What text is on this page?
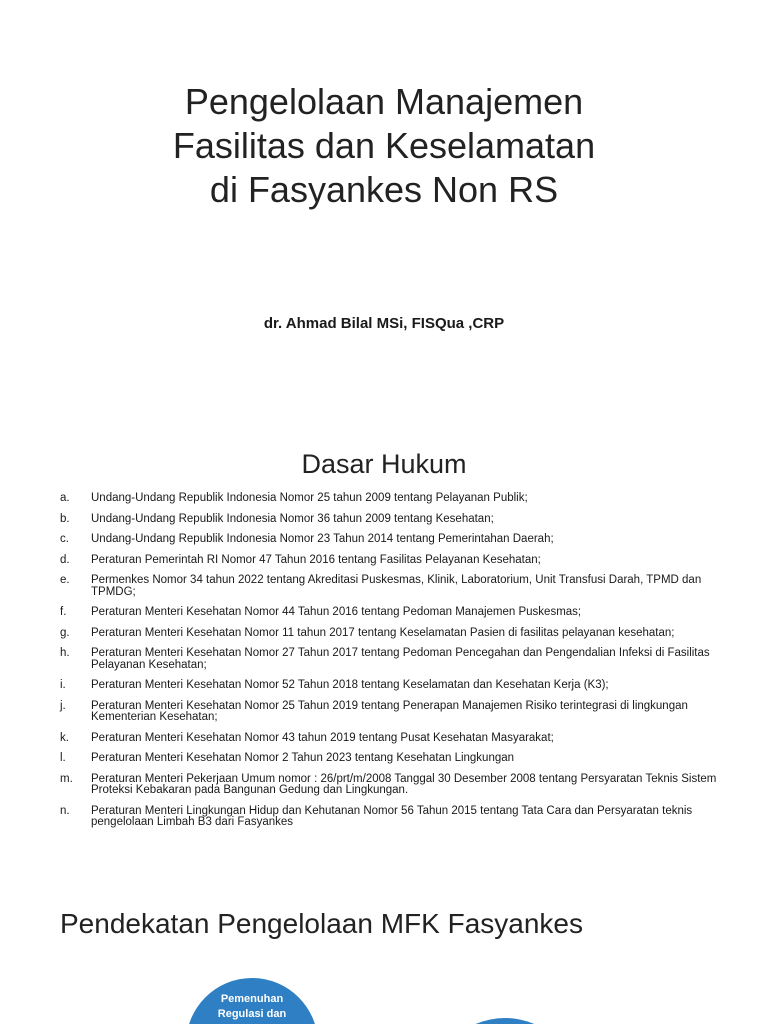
Pengelolaan Manajemen
Fasilitas dan Keselamatan
di Fasyankes Non RS
dr. Ahmad Bilal MSi, FISQua ,CRP
Dasar Hukum
a.	Undang-Undang Republik Indonesia Nomor 25 tahun 2009 tentang Pelayanan Publik;
b.	Undang-Undang Republik Indonesia Nomor 36 tahun 2009 tentang Kesehatan;
c.	Undang-Undang Republik Indonesia Nomor 23 Tahun 2014 tentang Pemerintahan Daerah;
d.	Peraturan Pemerintah RI Nomor 47 Tahun 2016 tentang Fasilitas Pelayanan Kesehatan;
e.	Permenkes Nomor 34 tahun 2022 tentang Akreditasi Puskesmas, Klinik, Laboratorium, Unit Transfusi Darah, TPMD dan TPMDG;
f.	Peraturan Menteri Kesehatan Nomor 44 Tahun 2016 tentang Pedoman Manajemen Puskesmas;
g.	Peraturan Menteri Kesehatan Nomor 11 tahun 2017 tentang Keselamatan Pasien di fasilitas pelayanan kesehatan;
h.	Peraturan Menteri Kesehatan Nomor 27 Tahun 2017 tentang Pedoman Pencegahan dan Pengendalian Infeksi di Fasilitas Pelayanan Kesehatan;
i.	Peraturan Menteri Kesehatan Nomor 52 Tahun 2018 tentang Keselamatan dan Kesehatan Kerja (K3);
j.	Peraturan Menteri Kesehatan Nomor 25 Tahun 2019 tentang Penerapan Manajemen Risiko terintegrasi di lingkungan Kementerian Kesehatan;
k.	Peraturan Menteri Kesehatan Nomor 43 tahun 2019 tentang Pusat Kesehatan Masyarakat;
l.	Peraturan Menteri Kesehatan Nomor 2 Tahun 2023 tentang Kesehatan Lingkungan
m.	Peraturan Menteri Pekerjaan Umum nomor : 26/prt/m/2008 Tanggal 30 Desember 2008 tentang Persyaratan Teknis Sistem Proteksi Kebakaran pada Bangunan Gedung dan Lingkungan.
n.	Peraturan Menteri Lingkungan Hidup dan Kehutanan Nomor 56 Tahun 2015 tentang Tata Cara dan Persyaratan teknis pengelolaan Limbah B3 dari Fasyankes
Pendekatan Pengelolaan MFK Fasyankes
Pemenuhan
Regulasi dan
